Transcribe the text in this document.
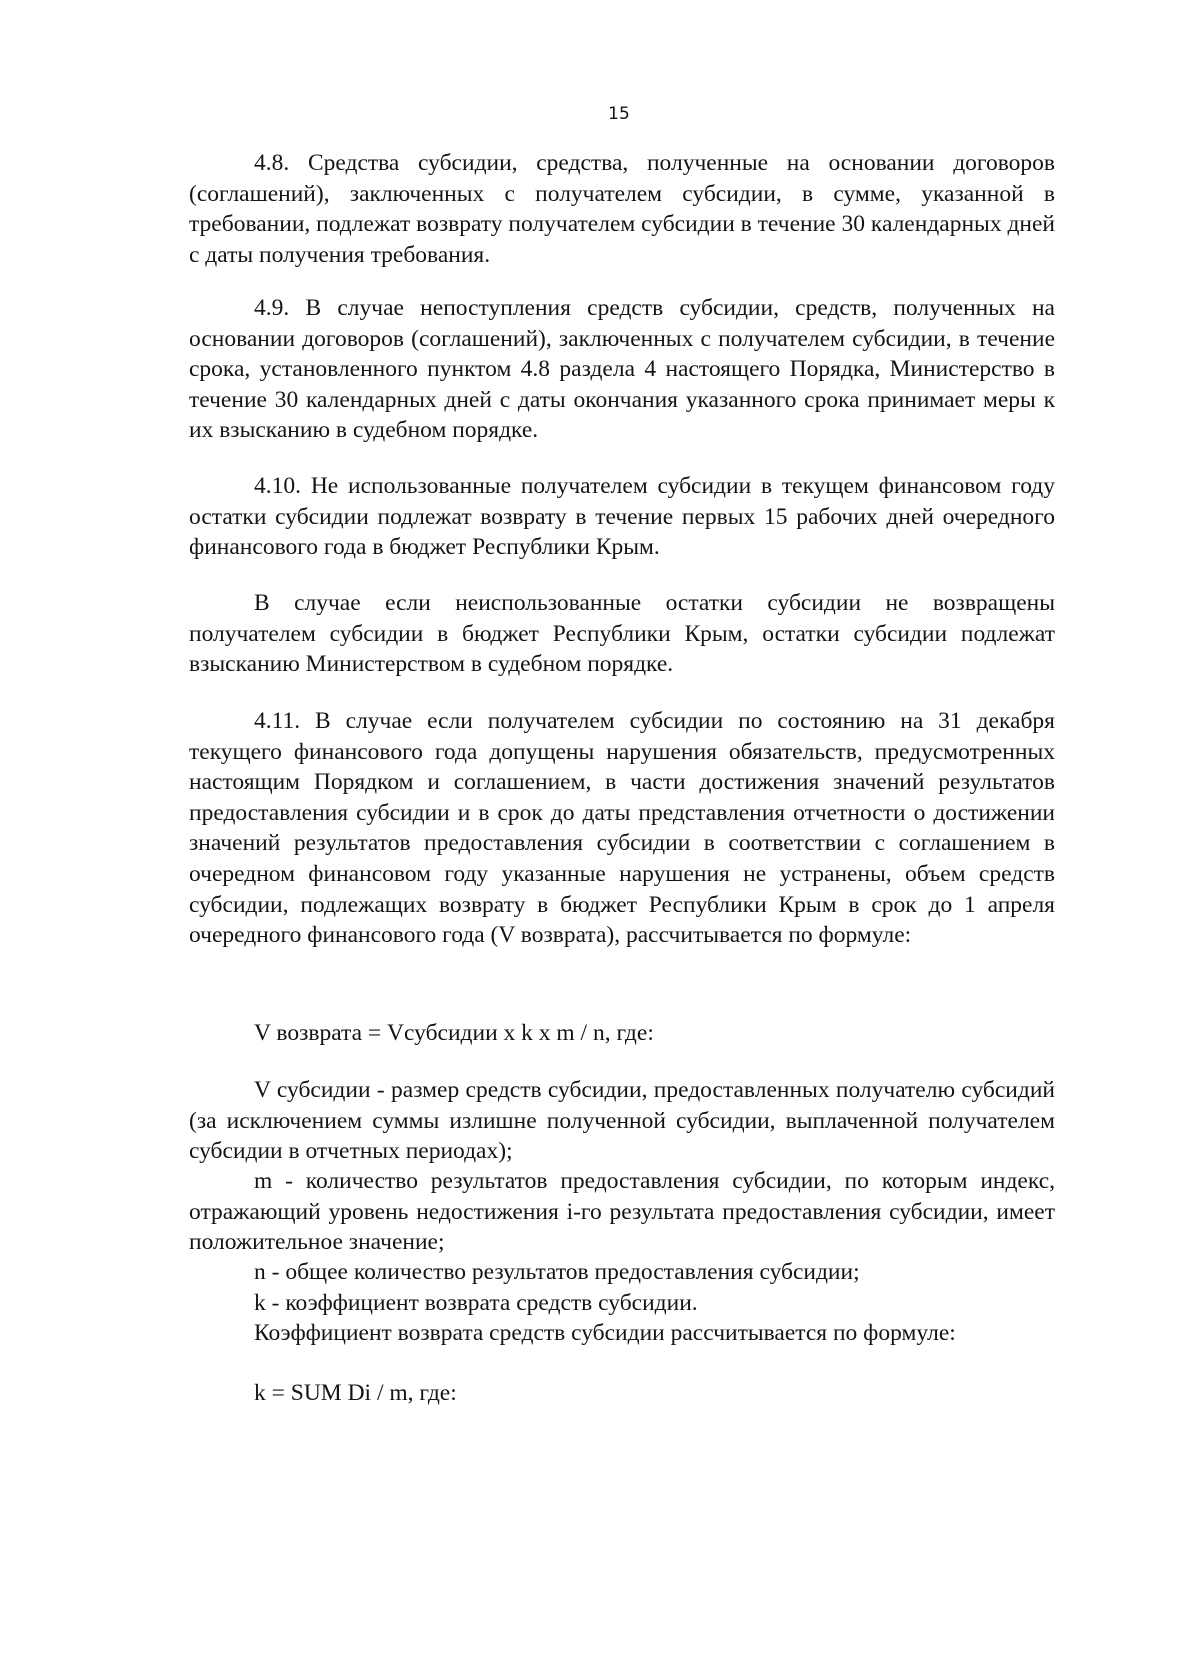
15

4.8. Средства субсидии, средства, полученные на основании договоров (соглашений), заключенных с получателем субсидии, в сумме, указанной в требовании, подлежат возврату получателем субсидии в течение 30 календарных дней с даты получения требования.

4.9. В случае непоступления средств субсидии, средств, полученных на основании договоров (соглашений), заключенных с получателем субсидии, в течение срока, установленного пунктом 4.8 раздела 4 настоящего Порядка, Министерство в течение 30 календарных дней с даты окончания указанного срока принимает меры к их взысканию в судебном порядке.

4.10. Не использованные получателем субсидии в текущем финансовом году остатки субсидии подлежат возврату в течение первых 15 рабочих дней очередного финансового года в бюджет Республики Крым.

В случае если неиспользованные остатки субсидии не возвращены получателем субсидии в бюджет Республики Крым, остатки субсидии подлежат взысканию Министерством в судебном порядке.

4.11. В случае если получателем субсидии по состоянию на 31 декабря текущего финансового года допущены нарушения обязательств, предусмотренных настоящим Порядком и соглашением, в части достижения значений результатов предоставления субсидии и в срок до даты представления отчетности о достижении значений результатов предоставления субсидии в соответствии с соглашением в очередном финансовом году указанные нарушения не устранены, объем средств субсидии, подлежащих возврату в бюджет Республики Крым в срок до 1 апреля очередного финансового года (V возврата), рассчитывается по формуле:

V возврата = Vсубсидии x k x m / n, где:

V субсидии - размер средств субсидии, предоставленных получателю субсидий (за исключением суммы излишне полученной субсидии, выплаченной получателем субсидии в отчетных периодах);

m - количество результатов предоставления субсидии, по которым индекс, отражающий уровень недостижения i-го результата предоставления субсидии, имеет положительное значение;

n - общее количество результатов предоставления субсидии;
k - коэффициент возврата средств субсидии.
Коэффициент возврата средств субсидии рассчитывается по формуле:
k = SUM Di / m, где:
